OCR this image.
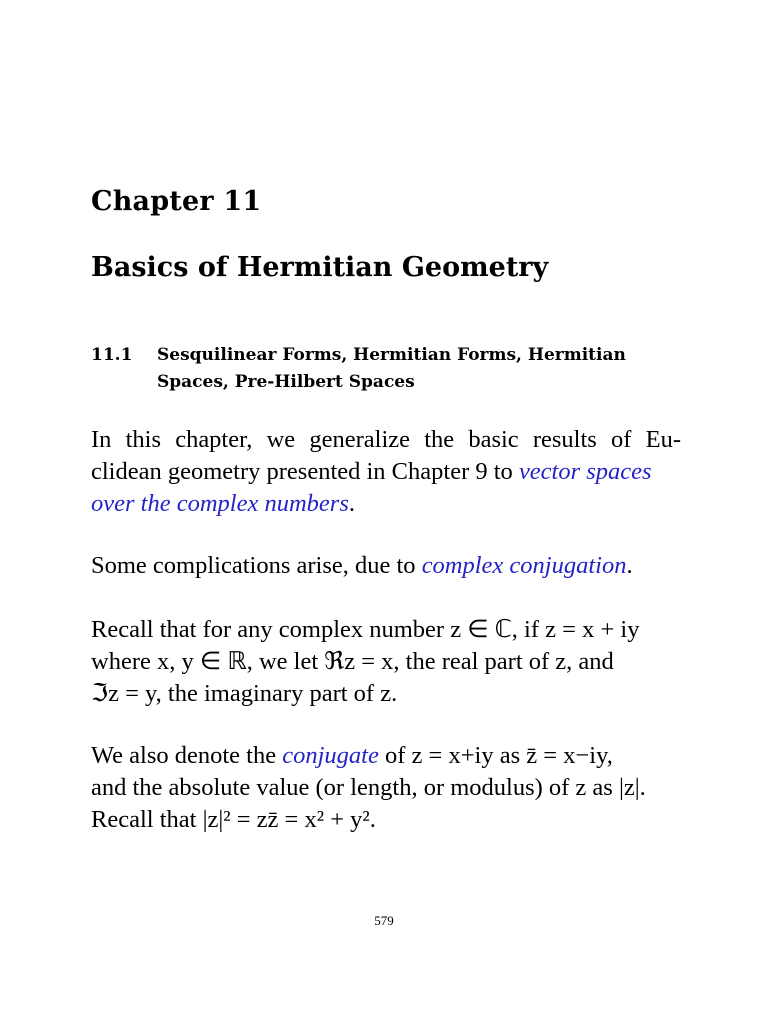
Chapter 11
Basics of Hermitian Geometry
11.1 Sesquilinear Forms, Hermitian Forms, Hermitian
Spaces, Pre-Hilbert Spaces
In this chapter, we generalize the basic results of Eu-
clidean geometry presented in Chapter 9 to vector spaces
over the complex numbers.
Some complications arise, due to complex conjugation.
Recall that for any complex number z ∈ ℂ, if z = x + iy
where x, y ∈ ℝ, we let ℜz = x, the real part of z, and
ℑz = y, the imaginary part of z.
We also denote the conjugate of z = x+iy as z̄ = x−iy,
and the absolute value (or length, or modulus) of z as |z|.
Recall that |z|² = zz̄ = x² + y².
579
